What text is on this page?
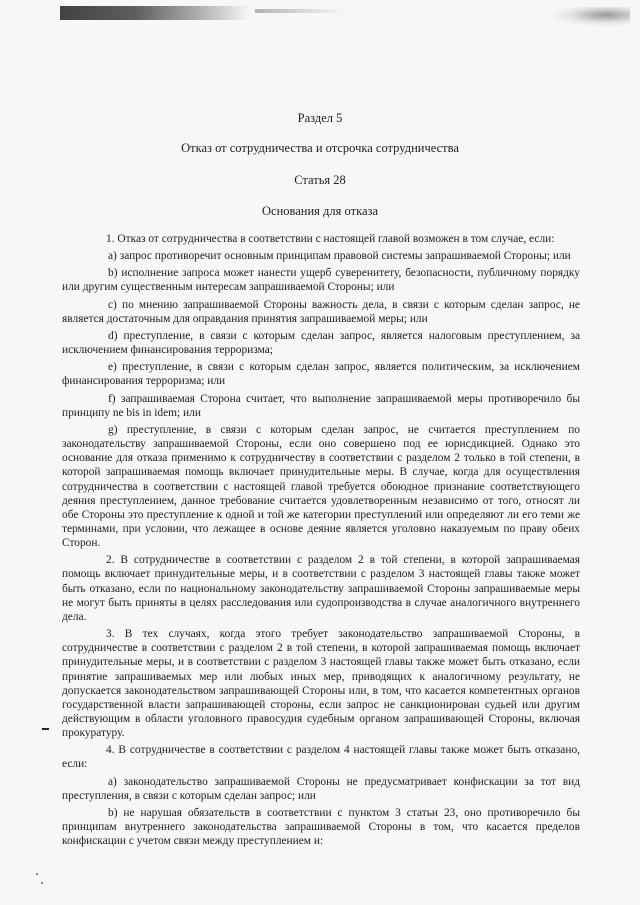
Раздел 5
Отказ от сотрудничества и отсрочка сотрудничества
Статья 28
Основания для отказа

1. Отказ от сотрудничества в соответствии с настоящей главой возможен в том случае, если:

a) запрос противоречит основным принципам правовой системы запрашиваемой Стороны; или

b) исполнение запроса может нанести ущерб суверенитету, безопасности, публичному порядку или другим существенным интересам запрашиваемой Стороны; или

c) по мнению запрашиваемой Стороны важность дела, в связи с которым сделан запрос, не является достаточным для оправдания принятия запрашиваемой меры; или

d) преступление, в связи с которым сделан запрос, является налоговым преступлением, за исключением финансирования терроризма;

e) преступление, в связи с которым сделан запрос, является политическим, за исключением финансирования терроризма; или

f) запрашиваемая Сторона считает, что выполнение запрашиваемой меры противоречило бы принципу ne bis in idem; или

g) преступление, в связи с которым сделан запрос, не считается преступлением по законодательству запрашиваемой Стороны, если оно совершено под ее юрисдикцией. Однако это основание для отказа применимо к сотрудничеству в соответствии с разделом 2 только в той степени, в которой запрашиваемая помощь включает принудительные меры. В случае, когда для осуществления сотрудничества в соответствии с настоящей главой требуется обоюдное признание соответствующего деяния преступлением, данное требование считается удовлетворенным независимо от того, относят ли обе Стороны это преступление к одной и той же категории преступлений или определяют ли его теми же терминами, при условии, что лежащее в основе деяние является уголовно наказуемым по праву обеих Сторон.

2. В сотрудничестве в соответствии с разделом 2 в той степени, в которой запрашиваемая помощь включает принудительные меры, и в соответствии с разделом 3 настоящей главы также может быть отказано, если по национальному законодательству запрашиваемой Стороны запрашиваемые меры не могут быть приняты в целях расследования или судопроизводства в случае аналогичного внутреннего дела.

3. В тех случаях, когда этого требует законодательство запрашиваемой Стороны, в сотрудничестве в соответствии с разделом 2 в той степени, в которой запрашиваемая помощь включает принудительные меры, и в соответствии с разделом 3 настоящей главы также может быть отказано, если принятие запрашиваемых мер или любых иных мер, приводящих к аналогичному результату, не допускается законодательством запрашивающей Стороны или, в том, что касается компетентных органов государственной власти запрашивающей стороны, если запрос не санкционирован судьей или другим действующим в области уголовного правосудия судебным органом запрашивающей Стороны, включая прокуратуру.

4. В сотрудничестве в соответствии с разделом 4 настоящей главы также может быть отказано, если:

a) законодательство запрашиваемой Стороны не предусматривает конфискации за тот вид преступления, в связи с которым сделан запрос; или

b) не нарушая обязательств в соответствии с пунктом 3 статьи 23, оно противоречило бы принципам внутреннего законодательства запрашиваемой Стороны в том, что касается пределов конфискации с учетом связи между преступлением и:
